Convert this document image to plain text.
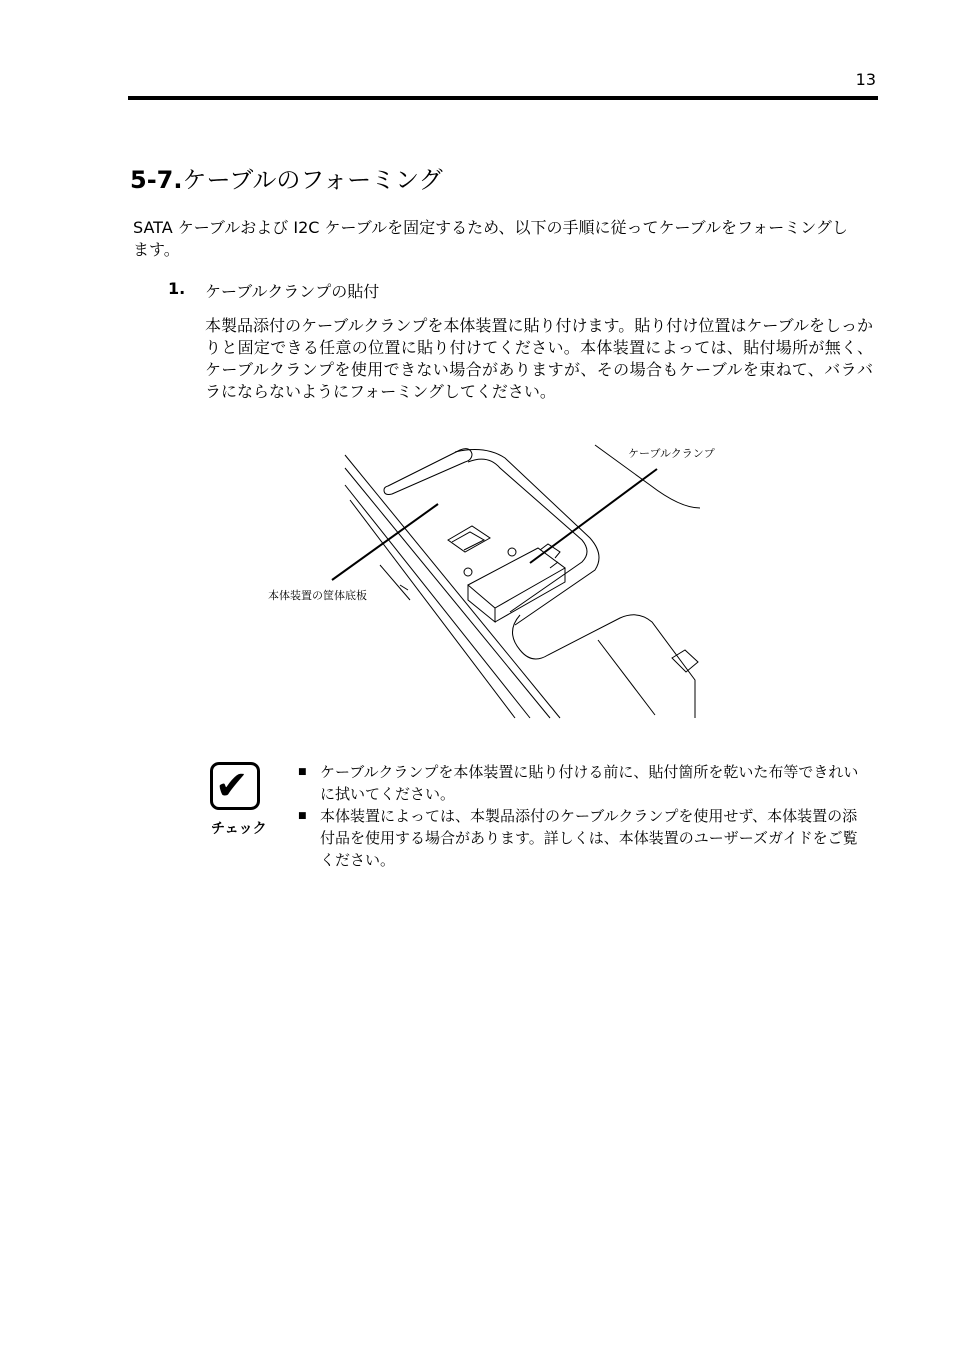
13
5-7.ケーブルのフォーミング

SATA ケーブルおよび I2C ケーブルを固定するため、以下の手順に従ってケーブルをフォーミングします。

1. ケーブルクランプの貼付

本製品添付のケーブルクランプを本体装置に貼り付けます。貼り付け位置はケーブルをしっかりと固定できる任意の位置に貼り付けてください。本体装置によっては、貼付場所が無く、ケーブルクランプを使用できない場合がありますが、その場合もケーブルを束ねて、バラバラにならないようにフォーミングしてください。

ケーブルクランプ
本体装置の筐体底板
✔
チェック
■ ケーブルクランプを本体装置に貼り付ける前に、貼付箇所を乾いた布等できれいに拭いてください。
■ 本体装置によっては、本製品添付のケーブルクランプを使用せず、本体装置の添付品を使用する場合があります。詳しくは、本体装置のユーザーズガイドをご覧ください。
